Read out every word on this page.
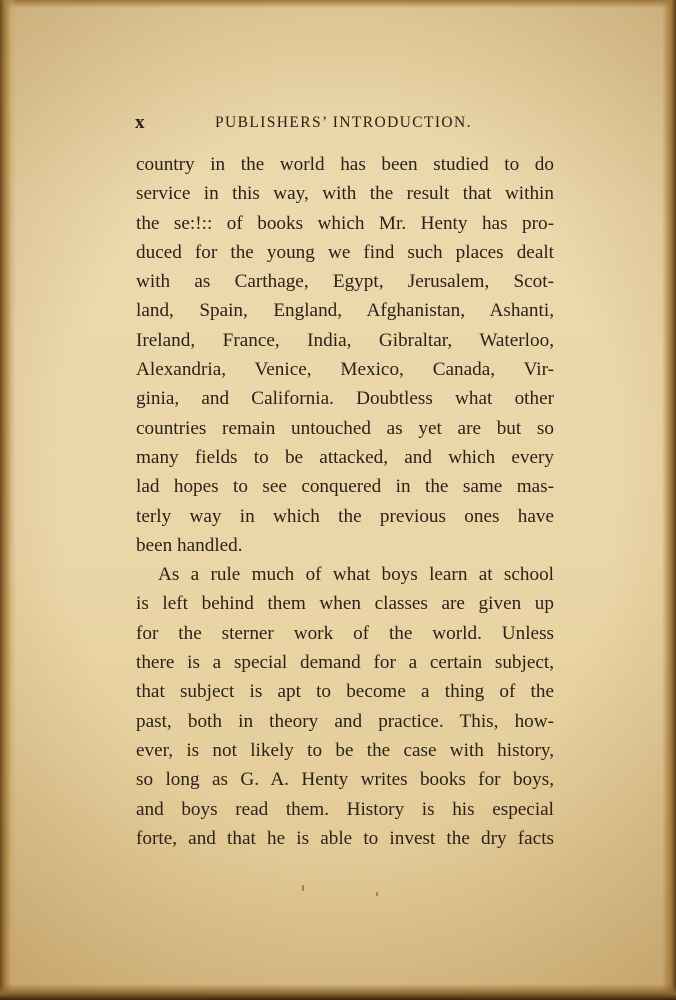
x	PUBLISHERS’ INTRODUCTION.
country in the world has been studied to do
service in this way, with the result that within
the se:!:: of books which Mr. Henty has pro-
duced for the young we find such places dealt
with as Carthage, Egypt, Jerusalem, Scot-
land, Spain, England, Afghanistan, Ashanti,
Ireland, France, India, Gibraltar, Waterloo,
Alexandria, Venice, Mexico, Canada, Vir-
ginia, and California. Doubtless what other
countries remain untouched as yet are but so
many fields to be attacked, and which every
lad hopes to see conquered in the same mas-
terly way in which the previous ones have
been handled.
As a rule much of what boys learn at school
is left behind them when classes are given up
for the sterner work of the world. Unless
there is a special demand for a certain subject,
that subject is apt to become a thing of the
past, both in theory and practice. This, how-
ever, is not likely to be the case with history,
so long as G. A. Henty writes books for boys,
and boys read them. History is his especial
forte, and that he is able to invest the dry facts
